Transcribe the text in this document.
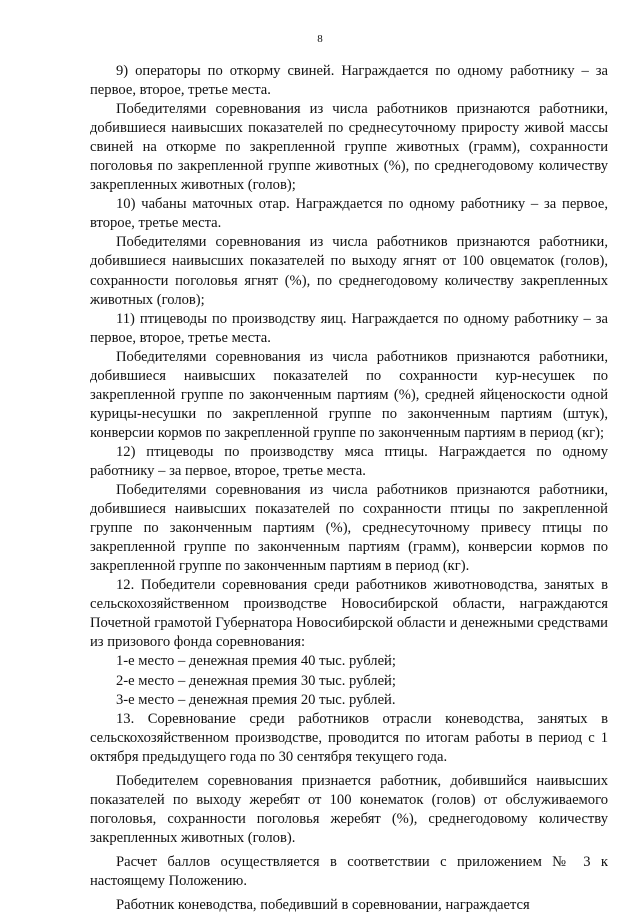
8

9) операторы по откорму свиней. Награждается по одному работнику – за первое, второе, третье места.

Победителями соревнования из числа работников признаются работники, добившиеся наивысших показателей по среднесуточному приросту живой массы свиней на откорме по закрепленной группе животных (грамм), сохранности поголовья по закрепленной группе животных (%), по среднегодовому количеству закрепленных животных (голов);

10) чабаны маточных отар. Награждается по одному работнику – за первое, второе, третье места.

Победителями соревнования из числа работников признаются работники, добившиеся наивысших показателей по выходу ягнят от 100 овцематок (голов), сохранности поголовья ягнят (%), по среднегодовому количеству закрепленных животных (голов);

11) птицеводы по производству яиц. Награждается по одному работнику – за первое, второе, третье места.

Победителями соревнования из числа работников признаются работники, добившиеся наивысших показателей по сохранности кур-несушек по закрепленной группе по законченным партиям (%), средней яйценоскости одной курицы-несушки по закрепленной группе по законченным партиям (штук), конверсии кормов по закрепленной группе по законченным партиям в период (кг);

12) птицеводы по производству мяса птицы. Награждается по одному работнику – за первое, второе, третье места.

Победителями соревнования из числа работников признаются работники, добившиеся наивысших показателей по сохранности птицы по закрепленной группе по законченным партиям (%), среднесуточному привесу птицы по закрепленной группе по законченным партиям (грамм), конверсии кормов по закрепленной группе по законченным партиям в период (кг).

12. Победители соревнования среди работников животноводства, занятых в сельскохозяйственном производстве Новосибирской области, награждаются Почетной грамотой Губернатора Новосибирской области и денежными средствами из призового фонда соревнования:

1-е место – денежная премия 40 тыс. рублей;

2-е место – денежная премия 30 тыс. рублей;

3-е место – денежная премия 20 тыс. рублей.

13. Соревнование среди работников отрасли коневодства, занятых в сельскохозяйственном производстве, проводится по итогам работы в период с 1 октября предыдущего года по 30 сентября текущего года.

Победителем соревнования признается работник, добившийся наивысших показателей по выходу жеребят от 100 конематок (голов) от обслуживаемого поголовья, сохранности поголовья жеребят (%), среднегодовому количеству закрепленных животных (голов).

Расчет баллов осуществляется в соответствии с приложением № 3 к настоящему Положению.

Работник коневодства, победивший в соревновании, награждается
